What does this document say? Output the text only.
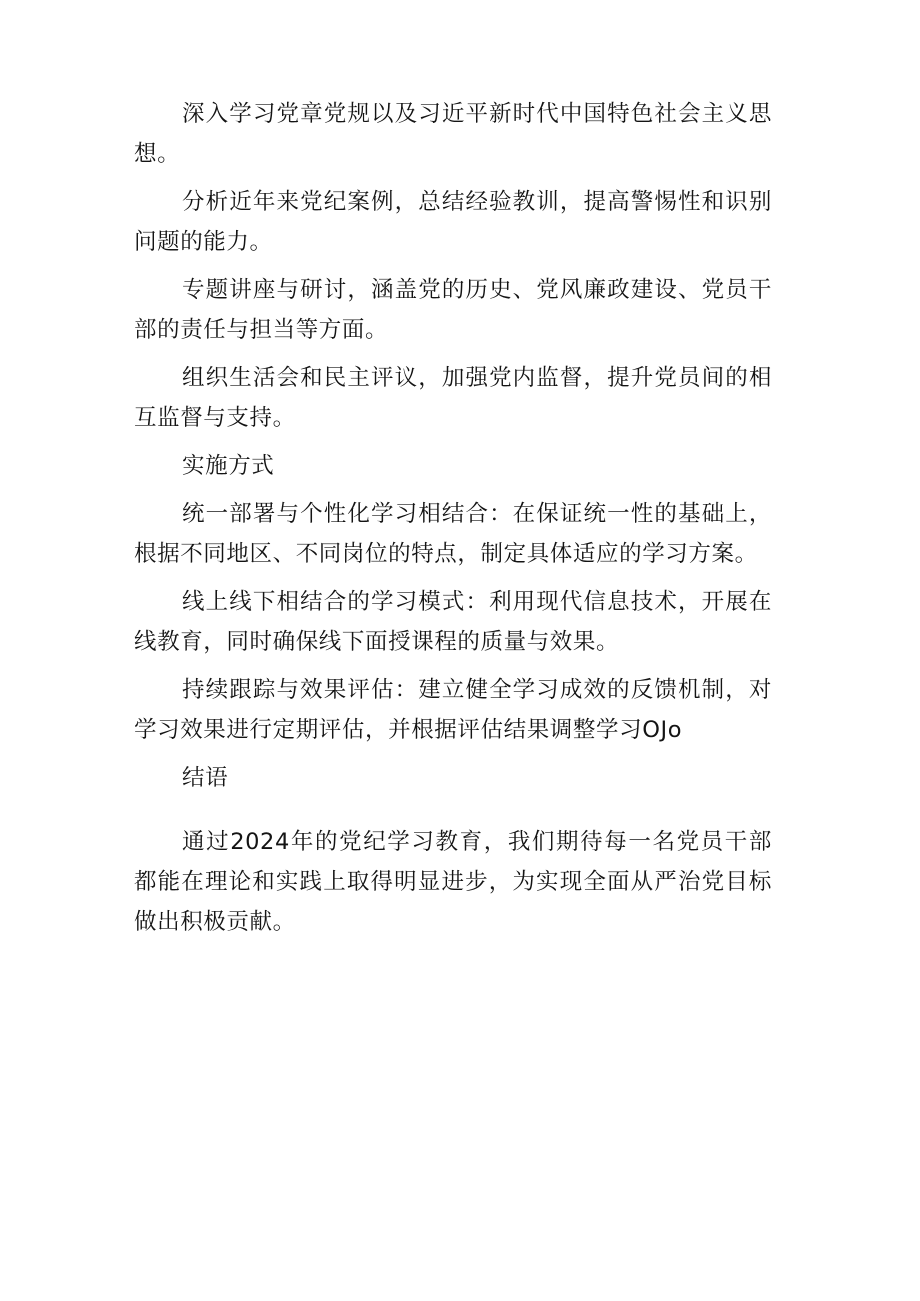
深入学习党章党规以及习近平新时代中国特色社会主义思想。

分析近年来党纪案例，总结经验教训，提高警惕性和识别问题的能力。

专题讲座与研讨，涵盖党的历史、党风廉政建设、党员干部的责任与担当等方面。

组织生活会和民主评议，加强党内监督，提升党员间的相互监督与支持。

实施方式

统一部署与个性化学习相结合：在保证统一性的基础上，根据不同地区、不同岗位的特点，制定具体适应的学习方案。

线上线下相结合的学习模式：利用现代信息技术，开展在线教育，同时确保线下面授课程的质量与效果。

持续跟踪与效果评估：建立健全学习成效的反馈机制，对学习效果进行定期评估，并根据评估结果调整学习OJo

结语

通过2024年的党纪学习教育，我们期待每一名党员干部都能在理论和实践上取得明显进步，为实现全面从严治党目标做出积极贡献。
